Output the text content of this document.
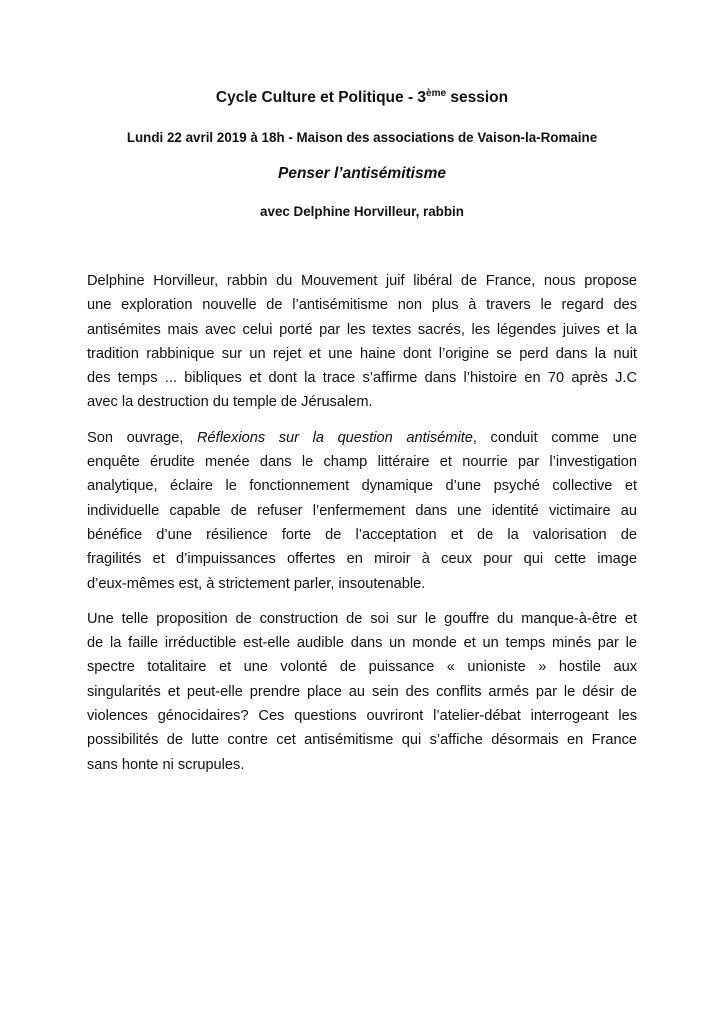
Cycle Culture et Politique - 3ème session
Lundi 22 avril 2019 à 18h - Maison des associations de Vaison-la-Romaine
Penser l’antisémitisme
avec Delphine Horvilleur, rabbin
Delphine Horvilleur, rabbin du Mouvement juif libéral de France, nous propose
une exploration nouvelle de l’antisémitisme non plus à travers le regard des
antisémites mais avec celui porté par les textes sacrés, les légendes juives et la
tradition rabbinique sur un rejet et une haine dont l’origine se perd dans la nuit
des temps ... bibliques et dont la trace s’affirme dans l’histoire en 70 après J.C
avec la destruction du temple de Jérusalem.
Son ouvrage, Réflexions sur la question antisémite, conduit comme une
enquête érudite menée dans le champ littéraire et nourrie par l’investigation
analytique, éclaire le fonctionnement dynamique d’une psyché collective et
individuelle capable de refuser l’enfermement dans une identité victimaire au
bénéfice d’une résilience forte de l’acceptation et de la valorisation de
fragilités et d’impuissances offertes en miroir à ceux pour qui cette image
d’eux-mêmes est, à strictement parler, insoutenable.
Une telle proposition de construction de soi sur le gouffre du manque-à-être et
de la faille irréductible est-elle audible dans un monde et un temps minés par le
spectre totalitaire et une volonté de puissance « unioniste » hostile aux
singularités et peut-elle prendre place au sein des conflits armés par le désir de
violences génocidaires? Ces questions ouvriront l’atelier-débat interrogeant les
possibilités de lutte contre cet antisémitisme qui s’affiche désormais en France
sans honte ni scrupules.
